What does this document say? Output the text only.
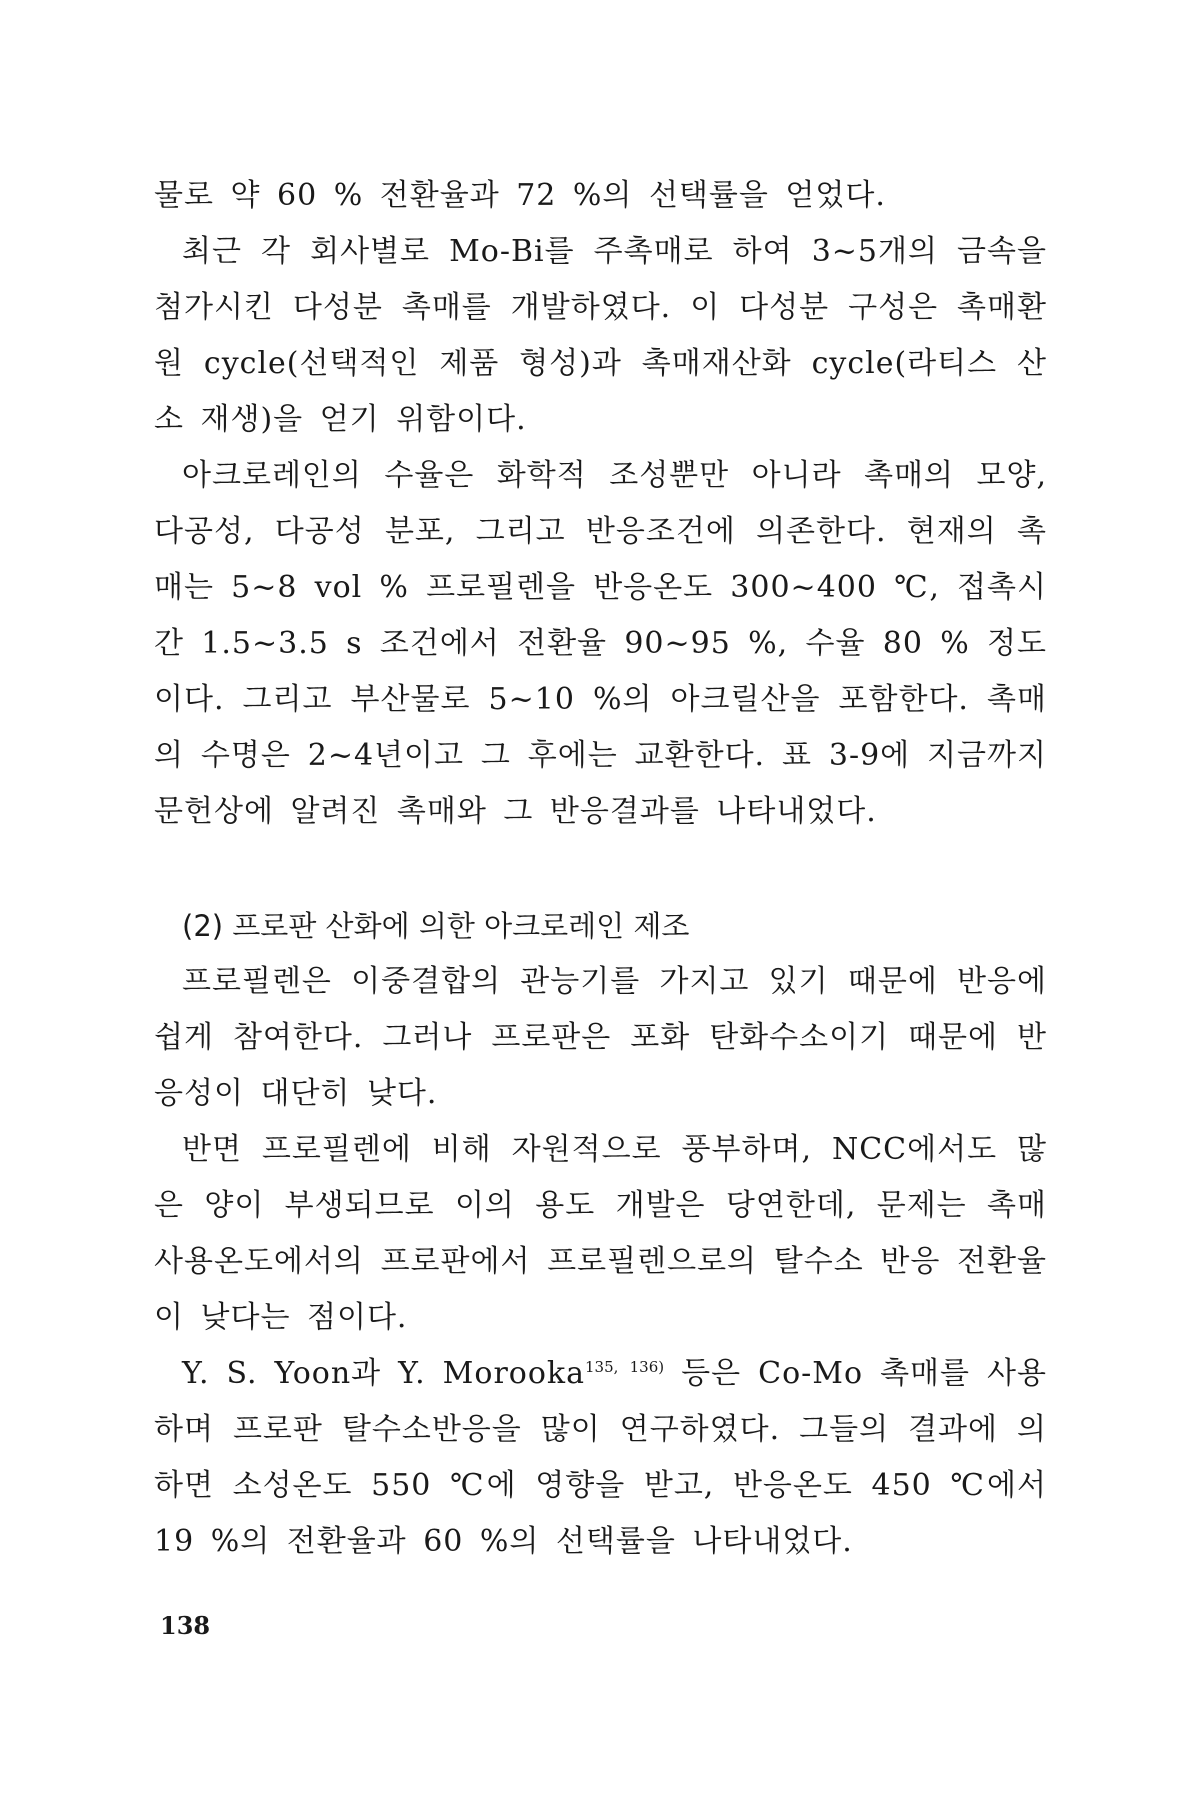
물로 약 60 % 전환율과 72 %의 선택률을 얻었다.

최근 각 회사별로 Mo-Bi를 주촉매로 하여 3~5개의 금속을 첨가시킨 다성분 촉매를 개발하였다. 이 다성분 구성은 촉매환원 cycle(선택적인 제품 형성)과 촉매재산화 cycle(라티스 산소 재생)을 얻기 위함이다.

아크로레인의 수율은 화학적 조성뿐만 아니라 촉매의 모양, 다공성, 다공성 분포, 그리고 반응조건에 의존한다. 현재의 촉매는 5~8 vol % 프로필렌을 반응온도 300~400 ℃, 접촉시간 1.5~3.5 s 조건에서 전환율 90~95 %, 수율 80 % 정도이다. 그리고 부산물로 5~10 %의 아크릴산을 포함한다. 촉매의 수명은 2~4년이고 그 후에는 교환한다. 표 3-9에 지금까지 문헌상에 알려진 촉매와 그 반응결과를 나타내었다.

(2) 프로판 산화에 의한 아크로레인 제조

프로필렌은 이중결합의 관능기를 가지고 있기 때문에 반응에 쉽게 참여한다. 그러나 프로판은 포화 탄화수소이기 때문에 반응성이 대단히 낮다.

반면 프로필렌에 비해 자원적으로 풍부하며, NCC에서도 많은 양이 부생되므로 이의 용도 개발은 당연한데, 문제는 촉매 사용온도에서의 프로판에서 프로필렌으로의 탈수소 반응 전환율이 낮다는 점이다.

Y. S. Yoon과 Y. Morooka$^{135, 136)}$ 등은 Co-Mo 촉매를 사용하며 프로판 탈수소반응을 많이 연구하였다. 그들의 결과에 의하면 소성온도 550 ℃에 영향을 받고, 반응온도 450 ℃에서 19 %의 전환율과 60 %의 선택률을 나타내었다.

138
